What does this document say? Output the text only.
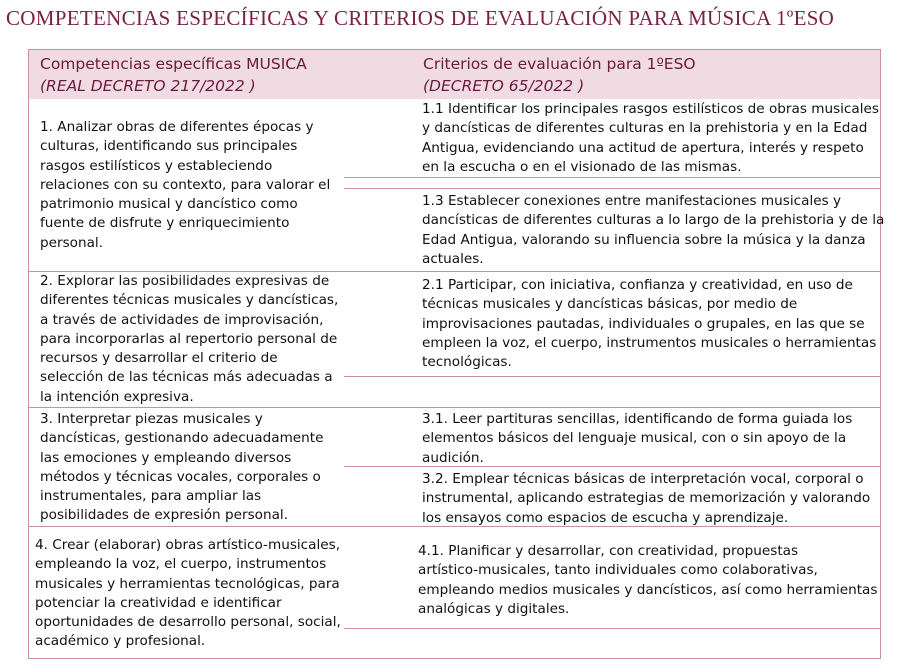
COMPETENCIAS ESPECÍFICAS Y CRITERIOS DE EVALUACIÓN PARA MÚSICA 1ºESO
Competencias específicas MUSICA
(REAL DECRETO 217/2022 )
Criterios de evaluación para 1ºESO
(DECRETO 65/2022 )
1. Analizar obras de diferentes épocas y
culturas, identificando sus principales
rasgos estilísticos y estableciendo
relaciones con su contexto, para valorar el
patrimonio musical y dancístico como
fuente de disfrute y enriquecimiento
personal.
2. Explorar las posibilidades expresivas de
diferentes técnicas musicales y dancísticas,
a través de actividades de improvisación,
para incorporarlas al repertorio personal de
recursos y desarrollar el criterio de
selección de las técnicas más adecuadas a
la intención expresiva.
3. Interpretar piezas musicales y
dancísticas, gestionando adecuadamente
las emociones y empleando diversos
métodos y técnicas vocales, corporales o
instrumentales, para ampliar las
posibilidades de expresión personal.
4. Crear (elaborar) obras artístico-musicales,
empleando la voz, el cuerpo, instrumentos
musicales y herramientas tecnológicas, para
potenciar la creatividad e identificar
oportunidades de desarrollo personal, social,
académico y profesional.
1.1 Identificar los principales rasgos estilísticos de obras musicales
y dancísticas de diferentes culturas en la prehistoria y en la Edad
Antigua, evidenciando una actitud de apertura, interés y respeto
en la escucha o en el visionado de las mismas.
1.3 Establecer conexiones entre manifestaciones musicales y
dancísticas de diferentes culturas a lo largo de la prehistoria y de la
Edad Antigua, valorando su influencia sobre la música y la danza
actuales.
2.1 Participar, con iniciativa, confianza y creatividad, en uso de
técnicas musicales y dancísticas básicas, por medio de
improvisaciones pautadas, individuales o grupales, en las que se
empleen la voz, el cuerpo, instrumentos musicales o herramientas
tecnológicas.
3.1. Leer partituras sencillas, identificando de forma guiada los
elementos básicos del lenguaje musical, con o sin apoyo de la
audición.
3.2. Emplear técnicas básicas de interpretación vocal, corporal o
instrumental, aplicando estrategias de memorización y valorando
los ensayos como espacios de escucha y aprendizaje.
4.1. Planificar y desarrollar, con creatividad, propuestas
artístico-musicales, tanto individuales como colaborativas,
empleando medios musicales y dancísticos, así como herramientas
analógicas y digitales.
